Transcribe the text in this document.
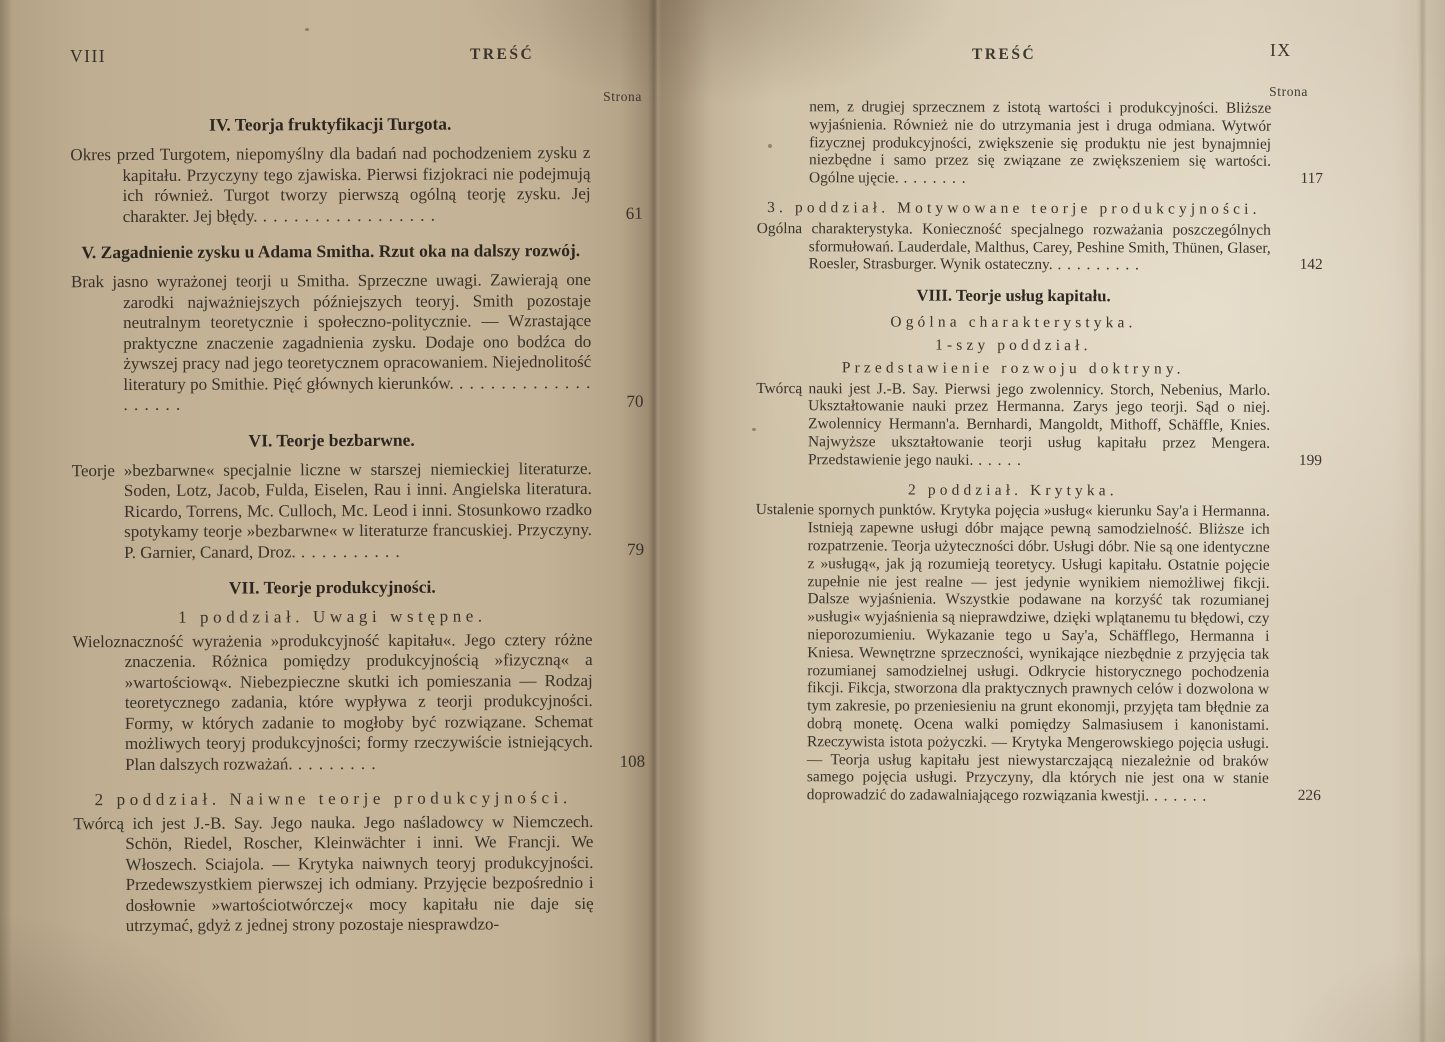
VIII	TREŚĆ
Strona
IV. Teorja fruktyfikacji Turgota.

Okres przed Turgotem, niepomyślny dla badań nad pochodzeniem zysku z kapitału. Przyczyny tego zjawiska. Pierwsi fizjokraci nie podejmują ich również. Turgot tworzy pierwszą ogólną teorję zysku. Jej charakter. Jej błędy. . . . . . . . . . . . . . . . . .	61

V. Zagadnienie zysku u Adama Smitha. Rzut oka na dalszy rozwój.

Brak jasno wyrażonej teorji u Smitha. Sprzeczne uwagi. Zawierają one zarodki najważniejszych późniejszych teoryj. Smith pozostaje neutralnym teoretycznie i społeczno-politycznie. — Wzrastające praktyczne znaczenie zagadnienia zysku. Dodaje ono bodźca do żywszej pracy nad jego teoretycznem opracowaniem. Niejednolitość literatury po Smithie. Pięć głównych kierunków. . . . . . . . . . . . . . . . . . . .	70

VI. Teorje bezbarwne.

Teorje »bezbarwne« specjalnie liczne w starszej niemieckiej literaturze. Soden, Lotz, Jacob, Fulda, Eiselen, Rau i inni. Angielska literatura. Ricardo, Torrens, Mc. Culloch, Mc. Leod i inni. Stosunkowo rzadko spotykamy teorje »bezbarwne« w literaturze francuskiej. Przyczyny. P. Garnier, Canard, Droz. . . . . . . . . . .	79

VII. Teorje produkcyjności.
1 poddział. Uwagi wstępne.

Wieloznaczność wyrażenia »produkcyjność kapitału«. Jego cztery różne znaczenia. Różnica pomiędzy produkcyjnością »fizyczną« a »wartościową«. Niebezpieczne skutki ich pomieszania — Rodzaj teoretycznego zadania, które wypływa z teorji produkcyjności. Formy, w których zadanie to mogłoby być rozwiązane. Schemat możliwych teoryj produkcyjności; formy rzeczywiście istniejących. Plan dalszych rozważań. . . . . . . . .	108

2 poddział. Naiwne teorje produkcyjności.

Twórcą ich jest J.-B. Say. Jego nauka. Jego naśladowcy w Niemczech. Schön, Riedel, Roscher, Kleinwächter i inni. We Francji. We Włoszech. Sciajola. — Krytyka naiwnych teoryj produkcyjności. Przedewszystkiem pierwszej ich odmiany. Przyjęcie bezpośrednio i dosłownie »wartościotwórczej« mocy kapitału nie daje się utrzymać, gdyż z jednej strony pozostaje niesprawdzo-

IX
TREŚĆ
Strona

nem, z drugiej sprzecznem z istotą wartości i produkcyjności. Bliższe wyjaśnienia. Również nie do utrzymania jest i druga odmiana. Wytwór fizycznej produkcyjności, zwiększenie się produktu nie jest bynajmniej niezbędne i samo przez się związane ze zwiększeniem się wartości. Ogólne ujęcie. . . . . . . .	117

3. poddział. Motywowane teorje produkcyjności.

Ogólna charakterystyka. Konieczność specjalnego rozważania poszczególnych sformułowań. Lauderdale, Malthus, Carey, Peshine Smith, Thünen, Glaser, Roesler, Strasburger. Wynik ostateczny. . . . . . . . . .	142

VIII. Teorje usług kapitału.
Ogólna charakterystyka.
1-szy poddział.
Przedstawienie rozwoju doktryny.

Twórcą nauki jest J.-B. Say. Pierwsi jego zwolennicy. Storch, Nebenius, Marlo. Ukształtowanie nauki przez Hermanna. Zarys jego teorji. Sąd o niej. Zwolennicy Hermann'a. Bernhardi, Mangoldt, Mithoff, Schäffle, Knies. Najwyższe ukształtowanie teorji usług kapitału przez Mengera. Przedstawienie jego nauki. . . . . .	199

2 poddział. Krytyka.

Ustalenie spornych punktów. Krytyka pojęcia »usług« kierunku Say'a i Hermanna. Istnieją zapewne usługi dóbr mające pewną samodzielność. Bliższe ich rozpatrzenie. Teorja użyteczności dóbr. Usługi dóbr. Nie są one identyczne z »usługą«, jak ją rozumieją teoretycy. Usługi kapitału. Ostatnie pojęcie zupełnie nie jest realne — jest jedynie wynikiem niemożliwej fikcji. Dalsze wyjaśnienia. Wszystkie podawane na korzyść tak rozumianej »usługi« wyjaśnienia są nieprawdziwe, dzięki wplątanemu tu błędowi, czy nieporozumieniu. Wykazanie tego u Say'a, Schäfflego, Hermanna i Kniesa. Wewnętrzne sprzeczności, wynikające niezbędnie z przyjęcia tak rozumianej samodzielnej usługi. Odkrycie historycznego pochodzenia fikcji. Fikcja, stworzona dla praktycznych prawnych celów i dozwolona w tym zakresie, po przeniesieniu na grunt ekonomji, przyjęta tam błędnie za dobrą monetę. Ocena walki pomiędzy Salmasiusem i kanonistami. Rzeczywista istota pożyczki. — Krytyka Mengerowskiego pojęcia usługi. — Teorja usług kapitału jest niewystarczającą niezależnie od braków samego pojęcia usługi. Przyczyny, dla których nie jest ona w stanie doprowadzić do zadawalniającego rozwiązania kwestji. . . . . . .	226
